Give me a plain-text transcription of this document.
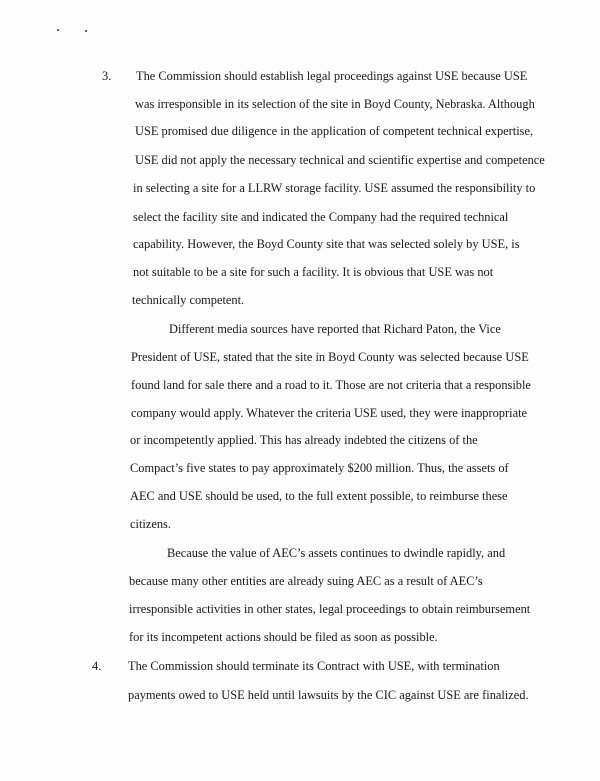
3. The Commission should establish legal proceedings against USE because USE
was irresponsible in its selection of the site in Boyd County, Nebraska. Although
USE promised due diligence in the application of competent technical expertise,
USE did not apply the necessary technical and scientific expertise and competence
in selecting a site for a LLRW storage facility. USE assumed the responsibility to
select the facility site and indicated the Company had the required technical
capability. However, the Boyd County site that was selected solely by USE, is
not suitable to be a site for such a facility. It is obvious that USE was not
technically competent.
Different media sources have reported that Richard Paton, the Vice
President of USE, stated that the site in Boyd County was selected because USE
found land for sale there and a road to it. Those are not criteria that a responsible
company would apply. Whatever the criteria USE used, they were inappropriate
or incompetently applied. This has already indebted the citizens of the
Compact’s five states to pay approximately $200 million. Thus, the assets of
AEC and USE should be used, to the full extent possible, to reimburse these
citizens.
Because the value of AEC’s assets continues to dwindle rapidly, and
because many other entities are already suing AEC as a result of AEC’s
irresponsible activities in other states, legal proceedings to obtain reimbursement
for its incompetent actions should be filed as soon as possible.
4. The Commission should terminate its Contract with USE, with termination
payments owed to USE held until lawsuits by the CIC against USE are finalized.
